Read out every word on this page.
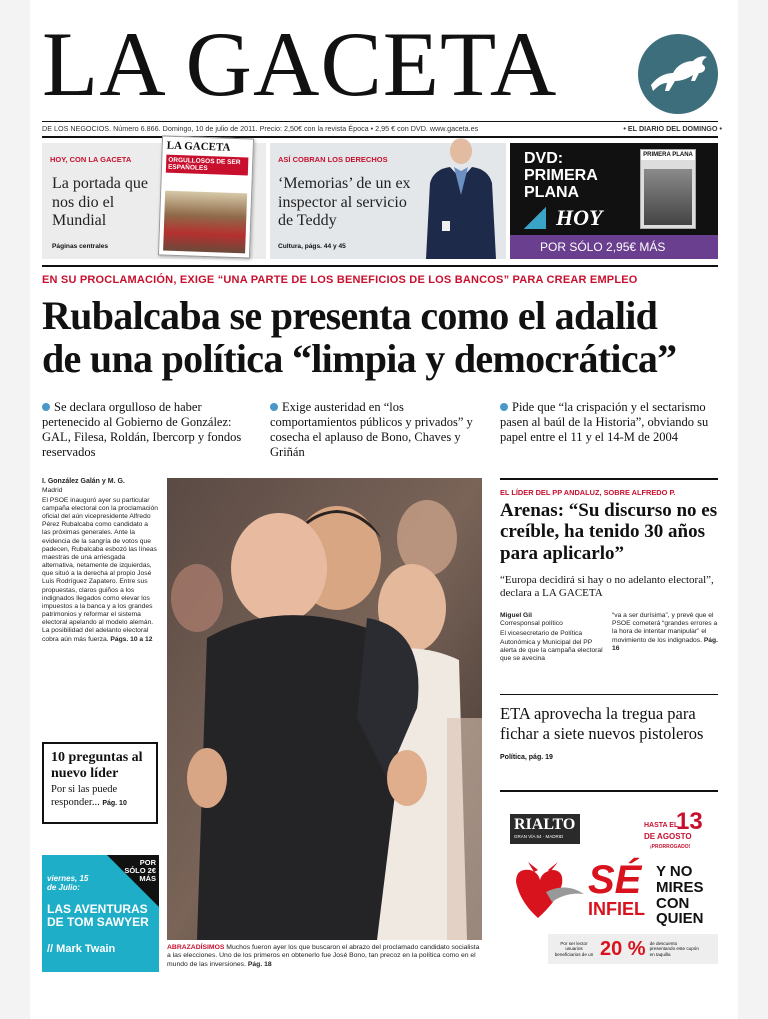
LA GACETA
DE LOS NEGOCIOS. Número 6.866. Domingo, 10 de julio de 2011. Precio: 2,50€ con la revista Época • 2,95 € con DVD. www.gaceta.es	• EL DIARIO DEL DOMINGO •
HOY, CON LA GACETA
La portada que nos dio el Mundial
Páginas centrales
LA GACETA
ORGULLOSOS DE SER ESPAÑOLES
ASÍ COBRAN LOS DERECHOS
‘Memorias’ de un ex inspector al servicio de Teddy
Cultura, págs. 44 y 45
DVD:
PRIMERA
PLANA
HOY
PRIMERA PLANA
POR SÓLO 2,95€ MÁS
EN SU PROCLAMACIÓN, EXIGE “UNA PARTE DE LOS BENEFICIOS DE LOS BANCOS” PARA CREAR EMPLEO
Rubalcaba se presenta como el adalid
de una política “limpia y democrática”
Se declara orgulloso de haber pertenecido al Gobierno de González: GAL, Filesa, Roldán, Ibercorp y fondos reservados
Exige austeridad en “los comportamientos públicos y privados” y cosecha el aplauso de Bono, Chaves y Griñán
Pide que “la crispación y el sectarismo pasen al baúl de la Historia”, obviando su papel entre el 11 y el 14-M de 2004
I. González Galán y M. G.
Madrid
El PSOE inauguró ayer su particular campaña electoral con la proclamación oficial del aún vicepresidente Alfredo Pérez Rubalcaba como candidato a las próximas generales. Ante la evidencia de la sangría de votos que padecen, Rubalcaba esbozó las líneas maestras de una arriesgada alternativa, netamente de izquierdas, que situó a la derecha al propio José Luis Rodríguez Zapatero. Entre sus propuestas, claros guiños a los indignados llegados como elevar los impuestos a la banca y a los grandes patrimonios y reformar el sistema electoral apelando al modelo alemán. La posibilidad del adelanto electoral cobra aún más fuerza. Págs. 10 a 12
10 preguntas al nuevo líder
Por si las puede responder... Pág. 10
POR SÓLO 2€ MÁS
viernes, 15 de Julio:
LAS AVENTURAS DE TOM SAWYER
// Mark Twain	ABRAZADÍSIMOS Muchos fueron ayer los que buscaron el abrazo del proclamado candidato socialista a las elecciones. Uno de los primeros en obtenerlo fue José Bono, tan precoz en la política como en el mundo de las inversiones. Pág. 18
EL LÍDER DEL PP ANDALUZ, SOBRE ALFREDO P.
Arenas: “Su discurso no es creíble, ha tenido 30 años para aplicarlo”
“Europa decidirá si hay o no adelanto electoral”, declara a LA GACETA
Miguel Gil
Corresponsal político
El vicesecretario de Política Autonómica y Municipal del PP alerta de que la campaña electoral que se avecina
“va a ser durísima”, y prevé que el PSOE cometerá “grandes errores a la hora de intentar manipular” el movimiento de los indignados. Pág. 16
ETA aprovecha la tregua para fichar a siete nuevos pistoleros Política, pág. 19
RIALTO
GRAN VÍA 54 · MADRID
HASTA EL
13
DE AGOSTO
¡PRORROGADO!
SÉ
INFIEL
Y NO MIRES CON QUIEN
Por ser lector usuarios beneficiarios de un 20 % de descuento presentando este cupón en taquilla
